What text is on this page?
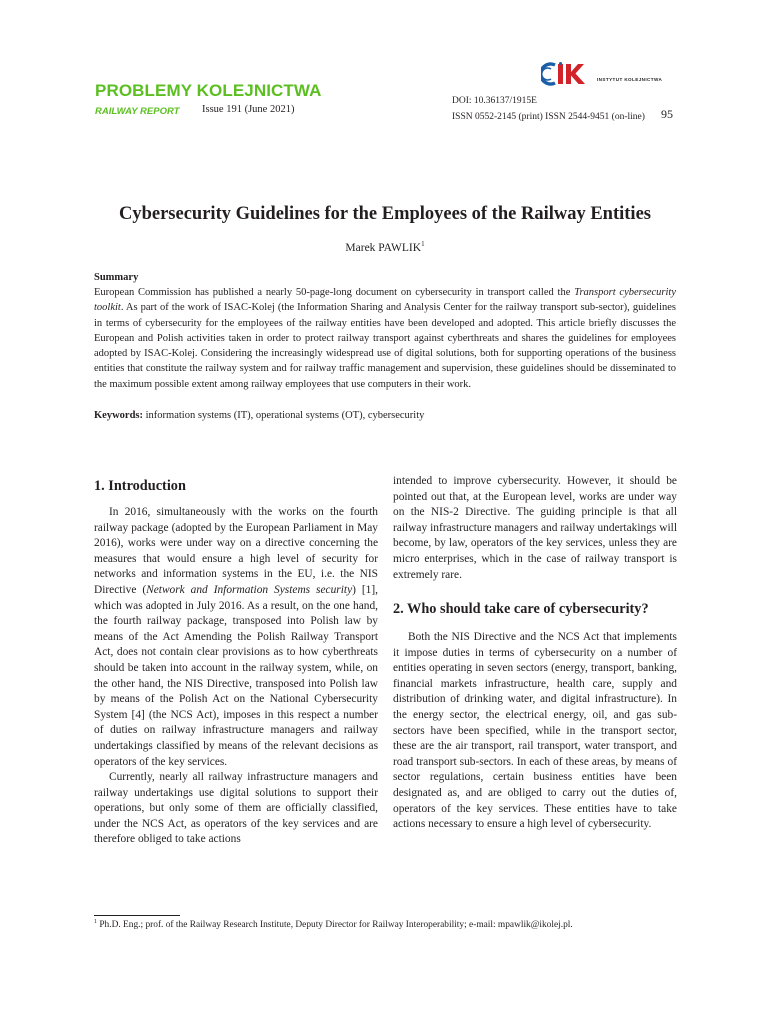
PROBLEMY KOLEJNICTWA
RAILWAY REPORT Issue 191 (June 2021)
INSTYTUT KOLEJNICTWA
DOI: 10.36137/1915E
ISSN 0552-2145 (print) ISSN 2544-9451 (on-line) 95
Cybersecurity Guidelines for the Employees of the Railway Entities
Marek PAWLIK$^1$
Summary
European Commission has published a nearly 50-page-long document on cybersecurity in transport called the Transport cybersecurity toolkit. As part of the work of ISAC-Kolej (the Information Sharing and Analysis Center for the railway transport sub-sector), guidelines in terms of cybersecurity for the employees of the railway entities have been developed and adopted. This article briefly discusses the European and Polish activities taken in order to protect railway transport against cyberthreats and shares the guidelines for employees adopted by ISAC-Kolej. Considering the increasingly widespread use of digital solutions, both for supporting operations of the business entities that constitute the railway system and for railway traffic management and supervision, these guidelines should be disseminated to the maximum possible extent among railway employees that use computers in their work.
Keywords: information systems (IT), operational systems (OT), cybersecurity
1. Introduction

In 2016, simultaneously with the works on the fourth railway package (adopted by the European Parliament in May 2016), works were under way on a directive concerning the measures that would ensure a high level of security for networks and information systems in the EU, i.e. the NIS Directive (Network and Information Systems security) [1], which was adopted in July 2016. As a result, on the one hand, the fourth railway package, transposed into Polish law by means of the Act Amending the Polish Railway Transport Act, does not contain clear provisions as to how cyberthreats should be taken into account in the railway system, while, on the other hand, the NIS Directive, transposed into Polish law by means of the Polish Act on the National Cybersecurity System [4] (the NCS Act), imposes in this respect a number of duties on railway infrastructure managers and railway undertakings classified by means of the relevant decisions as operators of the key services.

Currently, nearly all railway infrastructure managers and railway undertakings use digital solutions to support their operations, but only some of them are officially classified, under the NCS Act, as operators of the key services and are therefore obliged to take actions

intended to improve cybersecurity. However, it should be pointed out that, at the European level, works are under way on the NIS-2 Directive. The guiding principle is that all railway infrastructure managers and railway undertakings will become, by law, operators of the key services, unless they are micro enterprises, which in the case of railway transport is extremely rare.

2. Who should take care of cybersecurity?

Both the NIS Directive and the NCS Act that implements it impose duties in terms of cybersecurity on a number of entities operating in seven sectors (energy, transport, banking, financial markets infrastructure, health care, supply and distribution of drinking water, and digital infrastructure). In the energy sector, the electrical energy, oil, and gas sub-sectors have been specified, while in the transport sector, these are the air transport, rail transport, water transport, and road transport sub-sectors. In each of these areas, by means of sector regulations, certain business entities have been designated as, and are obliged to carry out the duties of, operators of the key services. These entities have to take actions necessary to ensure a high level of cybersecurity.

$^1$ Ph.D. Eng.; prof. of the Railway Research Institute, Deputy Director for Railway Interoperability; e-mail: mpawlik@ikolej.pl.
